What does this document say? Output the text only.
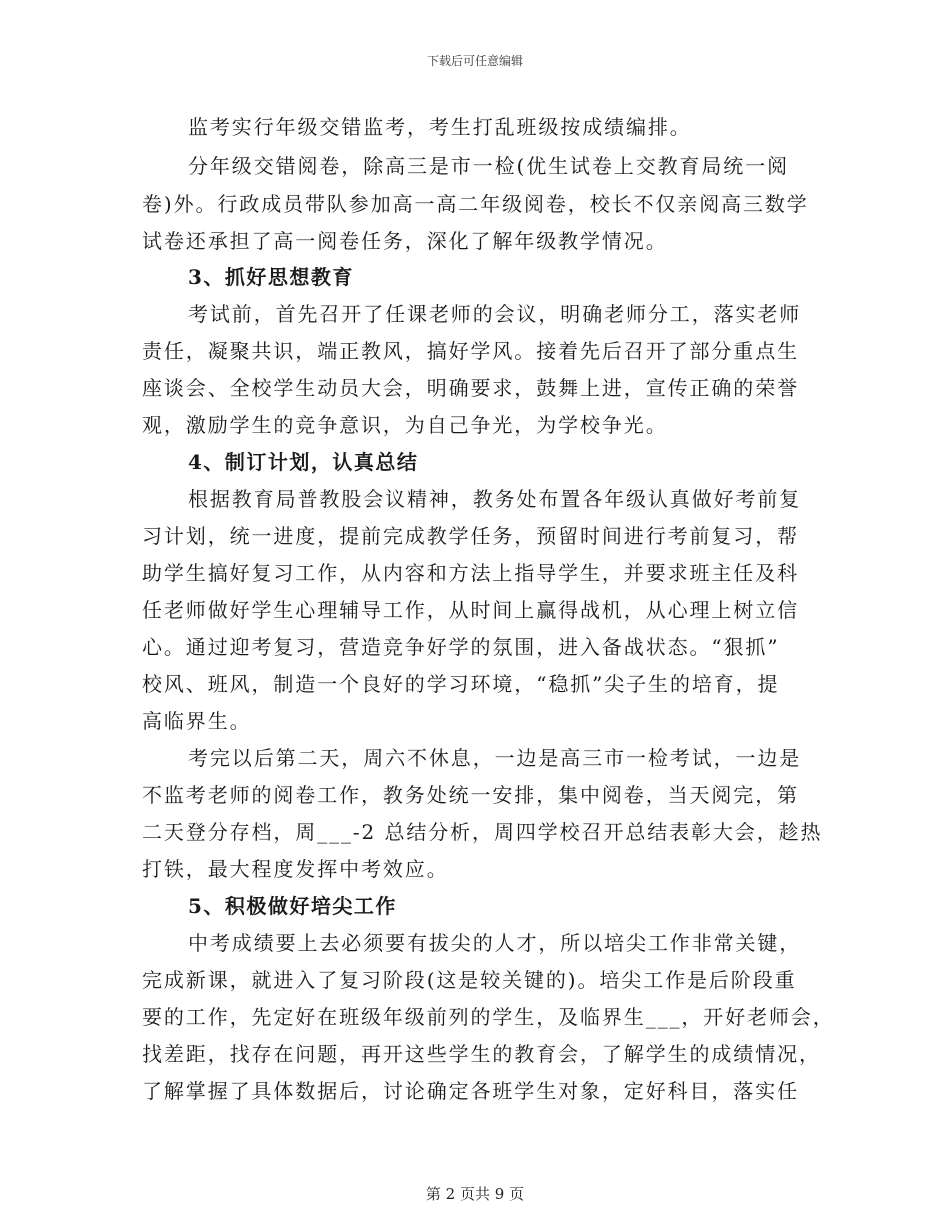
下载后可任意编辑
监考实行年级交错监考，考生打乱班级按成绩编排。
分年级交错阅卷，除高三是市一检(优生试卷上交教育局统一阅
卷)外。行政成员带队参加高一高二年级阅卷，校长不仅亲阅高三数学
试卷还承担了高一阅卷任务，深化了解年级教学情况。
3、抓好思想教育
考试前，首先召开了任课老师的会议，明确老师分工，落实老师
责任，凝聚共识，端正教风，搞好学风。接着先后召开了部分重点生
座谈会、全校学生动员大会，明确要求，鼓舞上进，宣传正确的荣誉
观，激励学生的竞争意识，为自己争光，为学校争光。
4、制订计划，认真总结
根据教育局普教股会议精神，教务处布置各年级认真做好考前复
习计划，统一进度，提前完成教学任务，预留时间进行考前复习，帮
助学生搞好复习工作，从内容和方法上指导学生，并要求班主任及科
任老师做好学生心理辅导工作，从时间上赢得战机，从心理上树立信
心。通过迎考复习，营造竞争好学的氛围，进入备战状态。“狠抓”
校风、班风，制造一个良好的学习环境，“稳抓”尖子生的培育，提
高临界生。
考完以后第二天，周六不休息，一边是高三市一检考试，一边是
不监考老师的阅卷工作，教务处统一安排，集中阅卷，当天阅完，第
二天登分存档，周___-2 总结分析，周四学校召开总结表彰大会，趁热
打铁，最大程度发挥中考效应。
5、积极做好培尖工作
中考成绩要上去必须要有拔尖的人才，所以培尖工作非常关键，
完成新课，就进入了复习阶段(这是较关键的)。培尖工作是后阶段重
要的工作，先定好在班级年级前列的学生，及临界生___，开好老师会，
找差距，找存在问题，再开这些学生的教育会，了解学生的成绩情况，
了解掌握了具体数据后，讨论确定各班学生对象，定好科目，落实任
第 2 页共 9 页
